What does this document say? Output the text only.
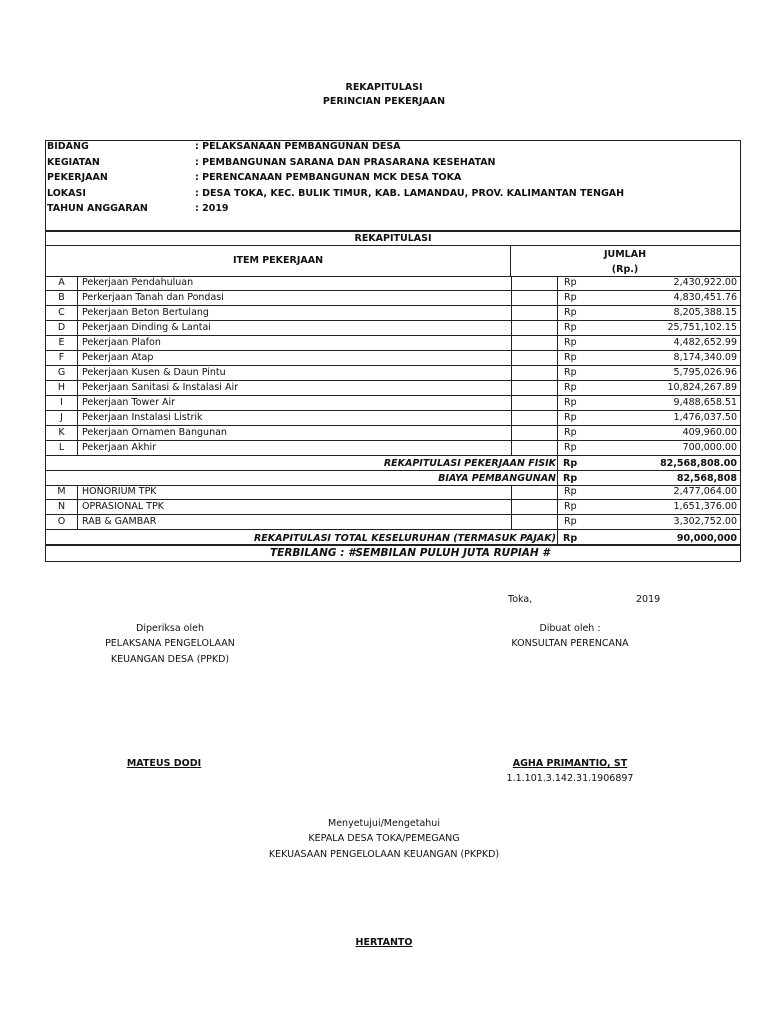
REKAPITULASI
PERINCIAN PEKERJAAN
BIDANG	: PELAKSANAAN PEMBANGUNAN DESA
KEGIATAN	: PEMBANGUNAN SARANA DAN PRASARANA KESEHATAN
PEKERJAAN	: PERENCANAAN PEMBANGUNAN MCK DESA TOKA
LOKASI	: DESA TOKA, KEC. BULIK TIMUR, KAB. LAMANDAU, PROV. KALIMANTAN TENGAH
TAHUN ANGGARAN	: 2019
REKAPITULASI
ITEM PEKERJAAN
JUMLAH
(Rp.)
A	Pekerjaan Pendahuluan	Rp	2,430,922.00
B	Perkerjaan Tanah dan Pondasi	Rp	4,830,451.76
C	Pekerjaan Beton Bertulang	Rp	8,205,388.15
D	Pekerjaan Dinding & Lantai	Rp	25,751,102.15
E	Pekerjaan Plafon	Rp	4,482,652.99
F	Pekerjaan Atap	Rp	8,174,340.09
G	Pekerjaan Kusen & Daun Pintu	Rp	5,795,026.96
H	Pekerjaan Sanitasi & Instalasi Air	Rp	10,824,267.89
I	Pekerjaan Tower Air	Rp	9,488,658.51
J	Pekerjaan Instalasi Listrik	Rp	1,476,037.50
K	Pekerjaan Ornamen Bangunan	Rp	409,960.00
L	Pekerjaan Akhir	Rp	700,000.00
REKAPITULASI PEKERJAAN FISIK Rp	82,568,808.00
BIAYA PEMBANGUNAN Rp	82,568,808
M	HONORIUM TPK	Rp	2,477,064.00
N	OPRASIONAL TPK	Rp	1,651,376.00
O	RAB & GAMBAR	Rp	3,302,752.00
REKAPITULASI TOTAL KESELURUHAN (TERMASUK PAJAK) Rp	90,000,000
TERBILANG : #SEMBILAN PULUH JUTA RUPIAH #
Toka,	2019
Diperiksa oleh
PELAKSANA PENGELOLAAN
KEUANGAN DESA (PPKD)
MATEUS DODI
Dibuat oleh :
KONSULTAN PERENCANA
AGHA PRIMANTIO, ST
1.1.101.3.142.31.1906897
Menyetujui/Mengetahui
KEPALA DESA TOKA/PEMEGANG
KEKUASAAN PENGELOLAAN KEUANGAN (PKPKD)
HERTANTO
